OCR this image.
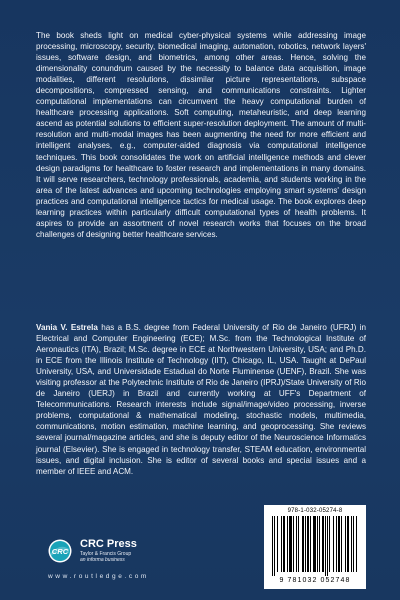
The book sheds light on medical cyber-physical systems while addressing image processing, microscopy, security, biomedical imaging, automation, robotics, network layers' issues, software design, and biometrics, among other areas. Hence, solving the dimensionality conundrum caused by the necessity to balance data acquisition, image modalities, different resolutions, dissimilar picture representations, subspace decompositions, compressed sensing, and communications constraints. Lighter computational implementations can circumvent the heavy computational burden of healthcare processing applications. Soft computing, metaheuristic, and deep learning ascend as potential solutions to efficient super-resolution deployment. The amount of multi-resolution and multi-modal images has been augmenting the need for more efficient and intelligent analyses, e.g., computer-aided diagnosis via computational intelligence techniques. This book consolidates the work on artificial intelligence methods and clever design paradigms for healthcare to foster research and implementations in many domains. It will serve researchers, technology professionals, academia, and students working in the area of the latest advances and upcoming technologies employing smart systems' design practices and computational intelligence tactics for medical usage. The book explores deep learning practices within particularly difficult computational types of health problems. It aspires to provide an assortment of novel research works that focuses on the broad challenges of designing better healthcare services.

Vania V. Estrela has a B.S. degree from Federal University of Rio de Janeiro (UFRJ) in Electrical and Computer Engineering (ECE); M.Sc. from the Technological Institute of Aeronautics (ITA), Brazil; M.Sc. degree in ECE at Northwestern University, USA; and Ph.D. in ECE from the Illinois Institute of Technology (IIT), Chicago, IL, USA. Taught at DePaul University, USA, and Universidade Estadual do Norte Fluminense (UENF), Brazil. She was visiting professor at the Polytechnic Institute of Rio de Janeiro (IPRJ)/State University of Rio de Janeiro (UERJ) in Brazil and currently working at UFF's Department of Telecommunications. Research interests include signal/image/video processing, inverse problems, computational & mathematical modeling, stochastic models, multimedia, communications, motion estimation, machine learning, and geoprocessing. She reviews several journal/magazine articles, and she is deputy editor of the Neuroscience Informatics journal (Elsevier). She is engaged in technology transfer, STEAM education, environmental issues, and digital inclusion. She is editor of several books and special issues and a member of IEEE and ACM.

CRC
CRC Press
Taylor & Francis Group
an informa business
www.routledge.com
978-1-032-05274-8
9 781032 052748
